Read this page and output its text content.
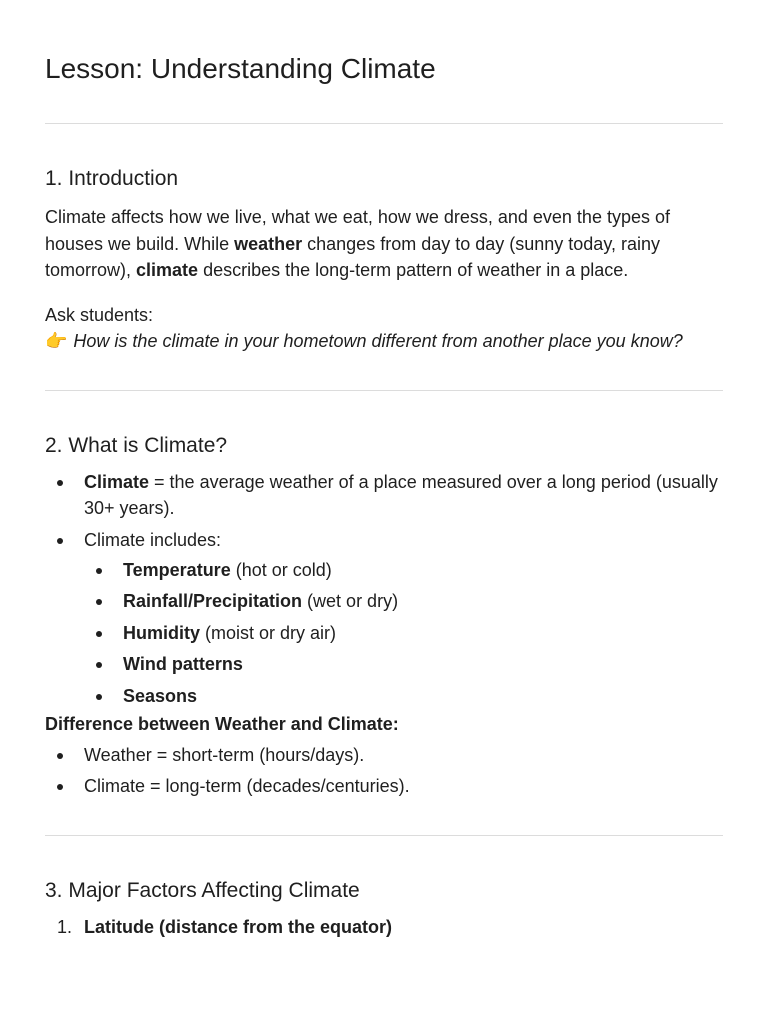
Lesson: Understanding Climate
1. Introduction

Climate affects how we live, what we eat, how we dress, and even the types of houses we build. While weather changes from day to day (sunny today, rainy tomorrow), climate describes the long-term pattern of weather in a place.

Ask students:
👉 How is the climate in your hometown different from another place you know?

2. What is Climate?
Climate = the average weather of a place measured over a long period (usually 30+ years).
Climate includes:
Temperature (hot or cold)
Rainfall/Precipitation (wet or dry)
Humidity (moist or dry air)
Wind patterns
Seasons
Difference between Weather and Climate:
Weather = short-term (hours/days).
Climate = long-term (decades/centuries).
3. Major Factors Affecting Climate
1. Latitude (distance from the equator)
